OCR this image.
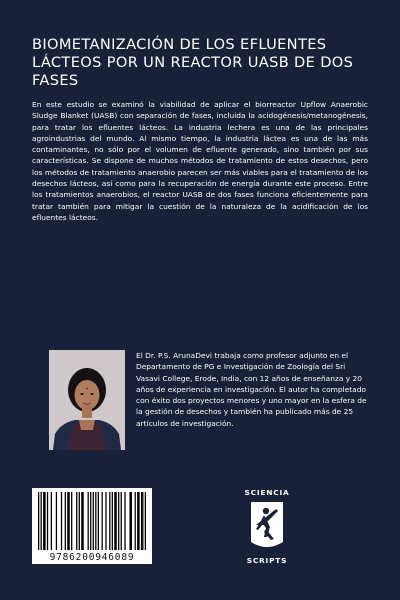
BIOMETANIZACIÓN DE LOS EFLUENTES LÁCTEOS POR UN REACTOR UASB DE DOS FASES

En este estudio se examinó la viabilidad de aplicar el biorreactor Upflow Anaerobic Sludge Blanket (UASB) con separación de fases, incluida la acidogénesis/metanogénesis, para tratar los efluentes lácteos. La industria lechera es una de las principales agroindustrias del mundo. Al mismo tiempo, la industria láctea es una de las más contaminantes, no sólo por el volumen de efluente generado, sino también por sus características. Se dispone de muchos métodos de tratamiento de estos desechos, pero los métodos de tratamiento anaerobio parecen ser más viables para el tratamiento de los desechos lácteos, así como para la recuperación de energía durante este proceso. Entre los tratamientos anaerobios, el reactor UASB de dos fases funciona eficientemente para tratar también para mitigar la cuestión de la naturaleza de la acidificación de los efluentes lácteos.

El Dr. P.S. ArunaDevi trabaja como profesor adjunto en el Departamento de PG e Investigación de Zoología del Sri Vasavi College, Erode, India, con 12 años de enseñanza y 20 años de experiencia en investigación. El autor ha completado con éxito dos proyectos menores y uno mayor en la esfera de la gestión de desechos y también ha publicado más de 25 artículos de investigación.

9786200946089
SCIENCIA
SCRIPTS
